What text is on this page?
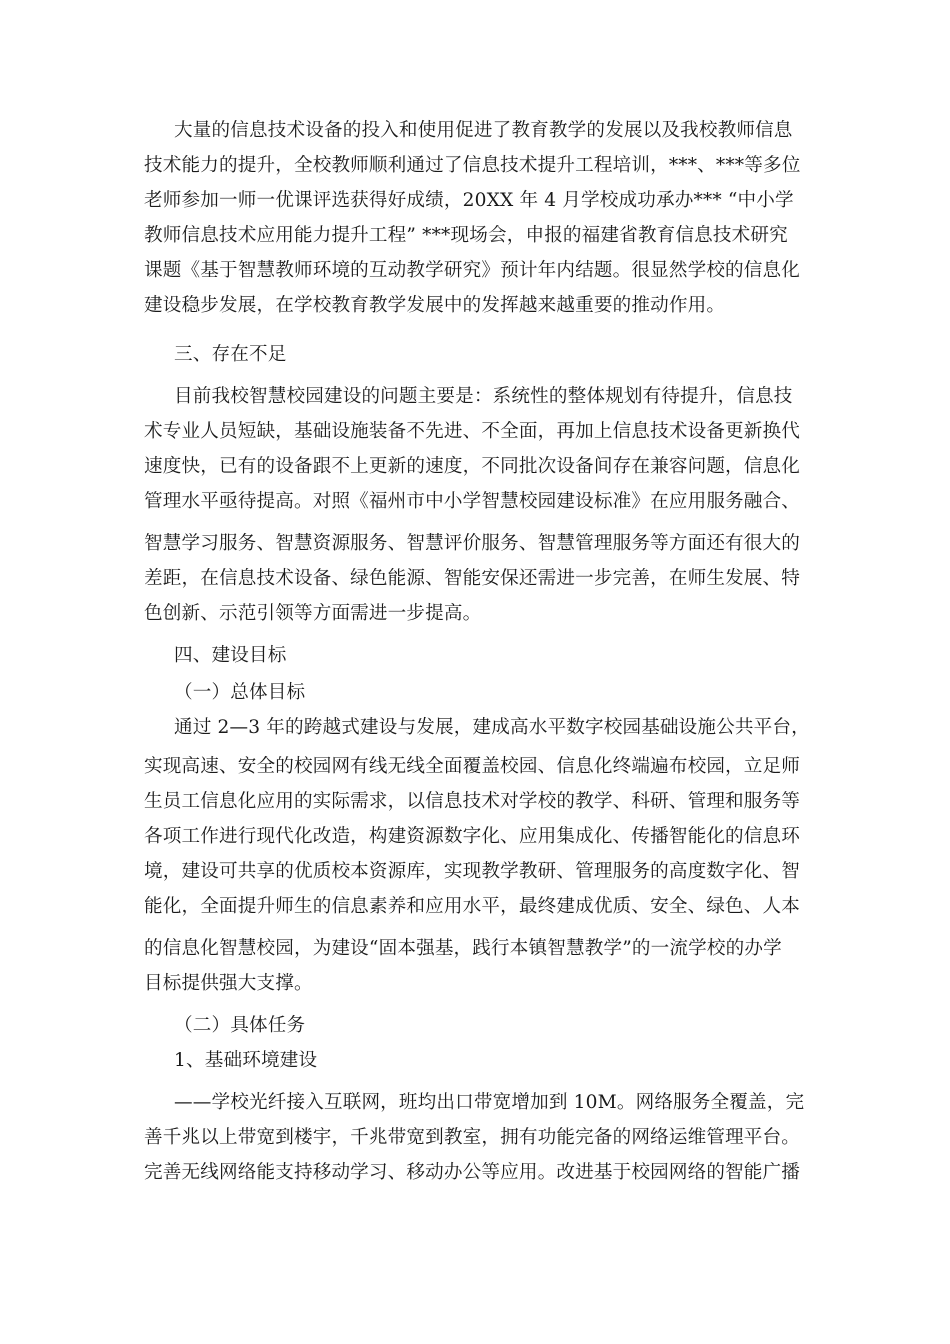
大量的信息技术设备的投入和使用促进了教育教学的发展以及我校教师信息
技术能力的提升，全校教师顺利通过了信息技术提升工程培训，***、***等多位
老师参加一师一优课评选获得好成绩，20XX 年 4 月学校成功承办*** “中小学
教师信息技术应用能力提升工程” ***现场会，申报的福建省教育信息技术研究
课题《基于智慧教师环境的互动教学研究》预计年内结题。很显然学校的信息化
建设稳步发展，在学校教育教学发展中的发挥越来越重要的推动作用。
三、存在不足
目前我校智慧校园建设的问题主要是：系统性的整体规划有待提升，信息技
术专业人员短缺，基础设施装备不先进、不全面，再加上信息技术设备更新换代
速度快，已有的设备跟不上更新的速度，不同批次设备间存在兼容问题，信息化
管理水平亟待提高。对照《福州市中小学智慧校园建设标准》在应用服务融合、
智慧学习服务、智慧资源服务、智慧评价服务、智慧管理服务等方面还有很大的
差距，在信息技术设备、绿色能源、智能安保还需进一步完善，在师生发展、特
色创新、示范引领等方面需进一步提高。
四、建设目标
（一）总体目标
通过 2—3 年的跨越式建设与发展，建成高水平数字校园基础设施公共平台，
实现高速、安全的校园网有线无线全面覆盖校园、信息化终端遍布校园，立足师
生员工信息化应用的实际需求，以信息技术对学校的教学、科研、管理和服务等
各项工作进行现代化改造，构建资源数字化、应用集成化、传播智能化的信息环
境，建设可共享的优质校本资源库，实现教学教研、管理服务的高度数字化、智
能化，全面提升师生的信息素养和应用水平，最终建成优质、安全、绿色、人本
的信息化智慧校园，为建设“固本强基，践行本镇智慧教学”的一流学校的办学
目标提供强大支撑。
（二）具体任务
1、基础环境建设
——学校光纤接入互联网，班均出口带宽增加到 10M。网络服务全覆盖，完
善千兆以上带宽到楼宇，千兆带宽到教室，拥有功能完备的网络运维管理平台。
完善无线网络能支持移动学习、移动办公等应用。改进基于校园网络的智能广播
